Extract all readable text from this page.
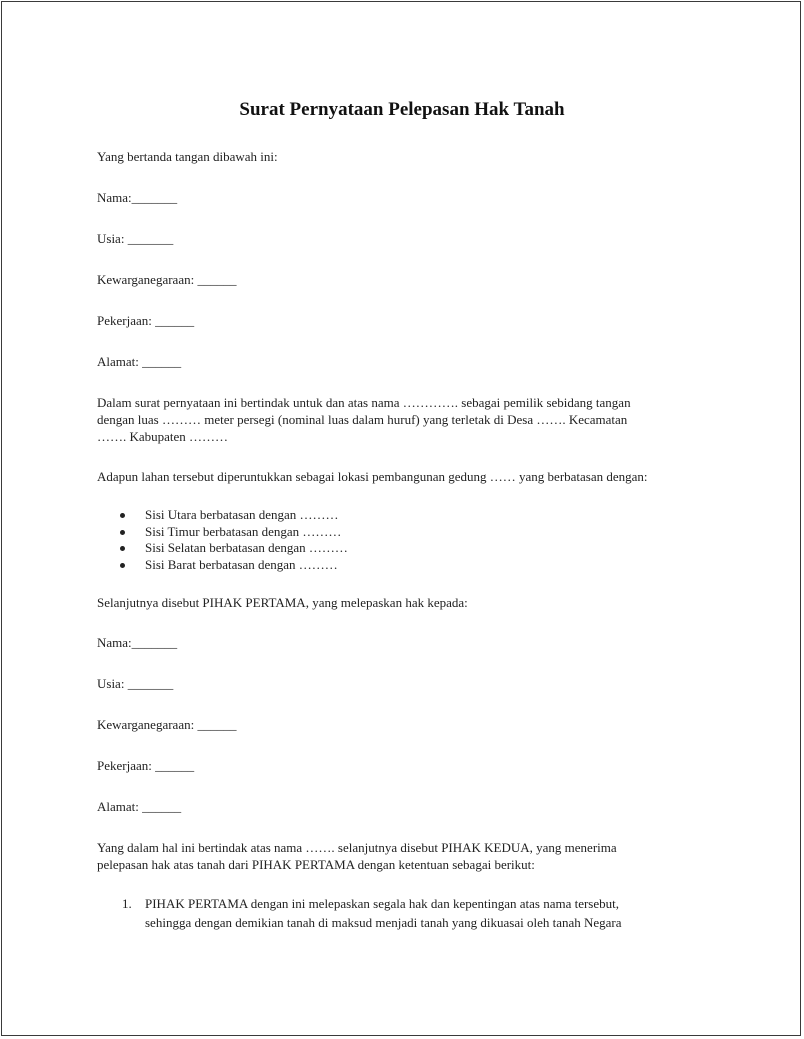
Surat Pernyataan Pelepasan Hak Tanah
Yang bertanda tangan dibawah ini:
Nama:_______
Usia: _______
Kewarganegaraan: ______
Pekerjaan: ______
Alamat: ______
Dalam surat pernyataan ini bertindak untuk dan atas nama …………. sebagai pemilik sebidang tangan
dengan luas ……… meter persegi (nominal luas dalam huruf) yang terletak di Desa ……. Kecamatan
……. Kabupaten ………
Adapun lahan tersebut diperuntukkan sebagai lokasi pembangunan gedung …… yang berbatasan dengan:
Sisi Utara berbatasan dengan ………
Sisi Timur berbatasan dengan ………
Sisi Selatan berbatasan dengan ………
Sisi Barat berbatasan dengan ………
Selanjutnya disebut PIHAK PERTAMA, yang melepaskan hak kepada:
Nama:_______
Usia: _______
Kewarganegaraan: ______
Pekerjaan: ______
Alamat: ______
Yang dalam hal ini bertindak atas nama ……. selanjutnya disebut PIHAK KEDUA, yang menerima
pelepasan hak atas tanah dari PIHAK PERTAMA dengan ketentuan sebagai berikut:
1. PIHAK PERTAMA dengan ini melepaskan segala hak dan kepentingan atas nama tersebut,
sehingga dengan demikian tanah di maksud menjadi tanah yang dikuasai oleh tanah Negara
